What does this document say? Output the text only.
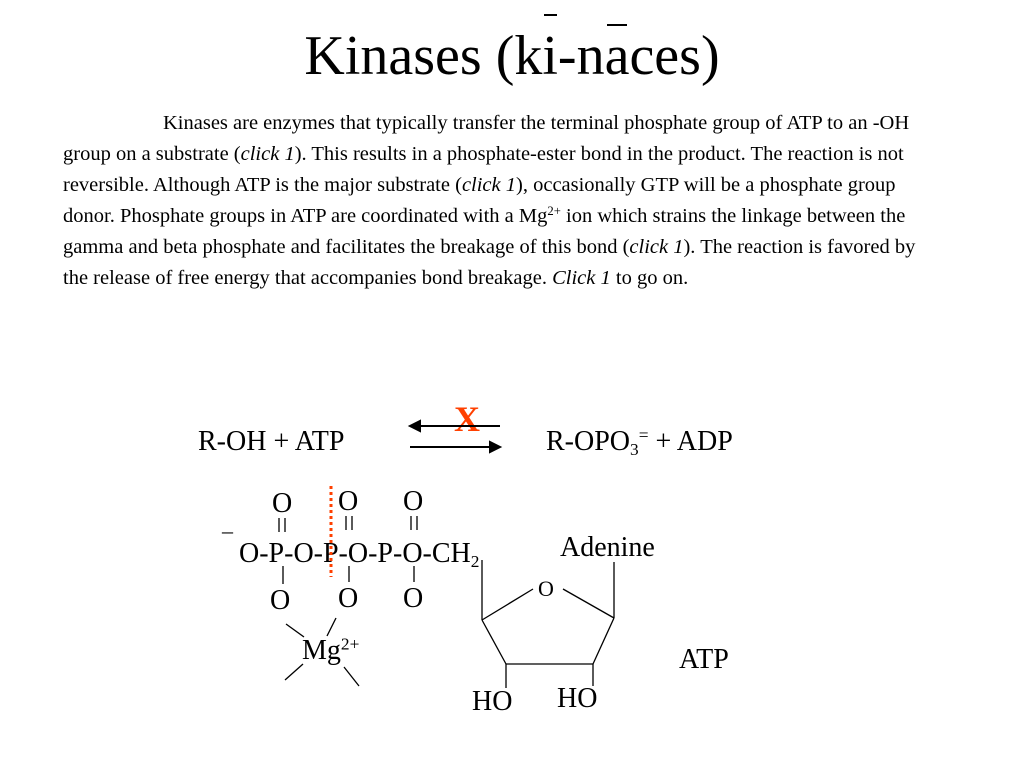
Kinases (ki-naces)

Kinases are enzymes that typically transfer the terminal phosphate group of ATP to an -OH group on a substrate (click 1). This results in a phosphate-ester bond in the product. The reaction is not reversible. Although ATP is the major substrate (click 1), occasionally GTP will be a phosphate group donor. Phosphate groups in ATP are coordinated with a $Mg^{2+}$ ion which strains the linkage between the gamma and beta phosphate and facilitates the breakage of this bond (click 1). The reaction is favored by the release of free energy that accompanies bond breakage. Click 1 to go on.

R-OH + ATP	$R-OPO_3^=$ + ADP
X
O O O
–
$O-P-O-P-O-P-O-CH_2$
O O O
$Mg^{2+}$
Adenine
O
HO HO
ATP
